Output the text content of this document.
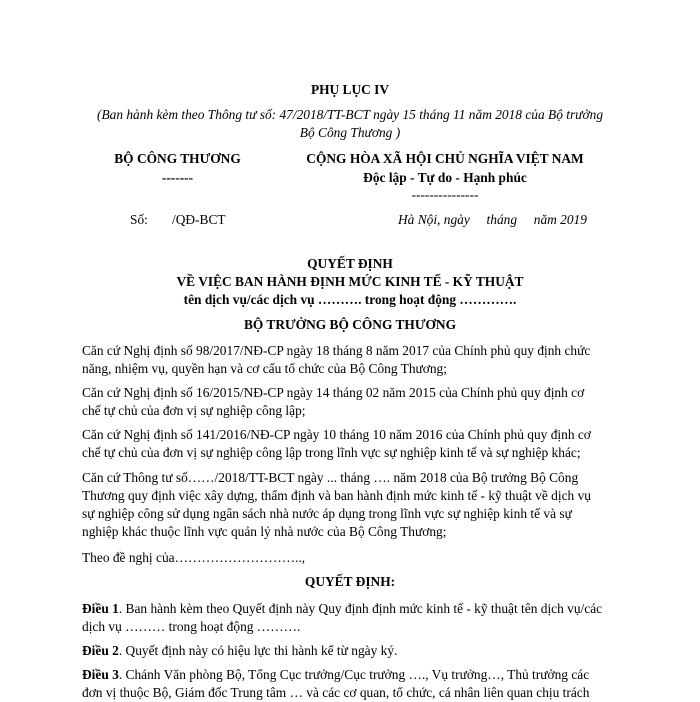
PHỤ LỤC IV
(Ban hành kèm theo Thông tư số: 47/2018/TT-BCT ngày 15 tháng 11 năm 2018 của Bộ trưởng
Bộ Công Thương )
BỘ CÔNG THƯƠNG
-------
CỘNG HÒA XÃ HỘI CHỦ NGHĨA VIỆT NAM
Độc lập - Tự do - Hạnh phúc
---------------
Số: /QĐ-BCT	Hà Nội, ngày     tháng     năm 2019
QUYẾT ĐỊNH
VỀ VIỆC BAN HÀNH ĐỊNH MỨC KINH TẾ - KỸ THUẬT
tên dịch vụ/các dịch vụ ………. trong hoạt động ………….
BỘ TRƯỞNG BỘ CÔNG THƯƠNG
Căn cứ Nghị định số 98/2017/NĐ-CP ngày 18 tháng 8 năm 2017 của Chính phủ quy định chức
năng, nhiệm vụ, quyền hạn và cơ cấu tổ chức của Bộ Công Thương;
Căn cứ Nghị định số 16/2015/NĐ-CP ngày 14 tháng 02 năm 2015 của Chính phủ quy định cơ
chế tự chủ của đơn vị sự nghiệp công lập;
Căn cứ Nghị định số 141/2016/NĐ-CP ngày 10 tháng 10 năm 2016 của Chính phủ quy định cơ
chế tự chủ của đơn vị sự nghiệp công lập trong lĩnh vực sự nghiệp kinh tế và sự nghiệp khác;
Căn cứ Thông tư số……/2018/TT-BCT ngày ... tháng …. năm 2018 của Bộ trưởng Bộ Công
Thương quy định việc xây dựng, thẩm định và ban hành định mức kinh tế - kỹ thuật về dịch vụ
sự nghiệp công sử dụng ngân sách nhà nước áp dụng trong lĩnh vực sự nghiệp kinh tế và sự
nghiệp khác thuộc lĩnh vực quản lý nhà nước của Bộ Công Thương;
Theo đề nghị của………………………..,
QUYẾT ĐỊNH:
Điều 1. Ban hành kèm theo Quyết định này Quy định định mức kinh tế - kỹ thuật tên dịch vụ/các
dịch vụ ……… trong hoạt động ……….
Điều 2. Quyết định này có hiệu lực thi hành kể từ ngày ký.
Điều 3. Chánh Văn phòng Bộ, Tổng Cục trưởng/Cục trưởng …., Vụ trưởng…, Thủ trưởng các
đơn vị thuộc Bộ, Giám đốc Trung tâm … và các cơ quan, tổ chức, cá nhân liên quan chịu trách
